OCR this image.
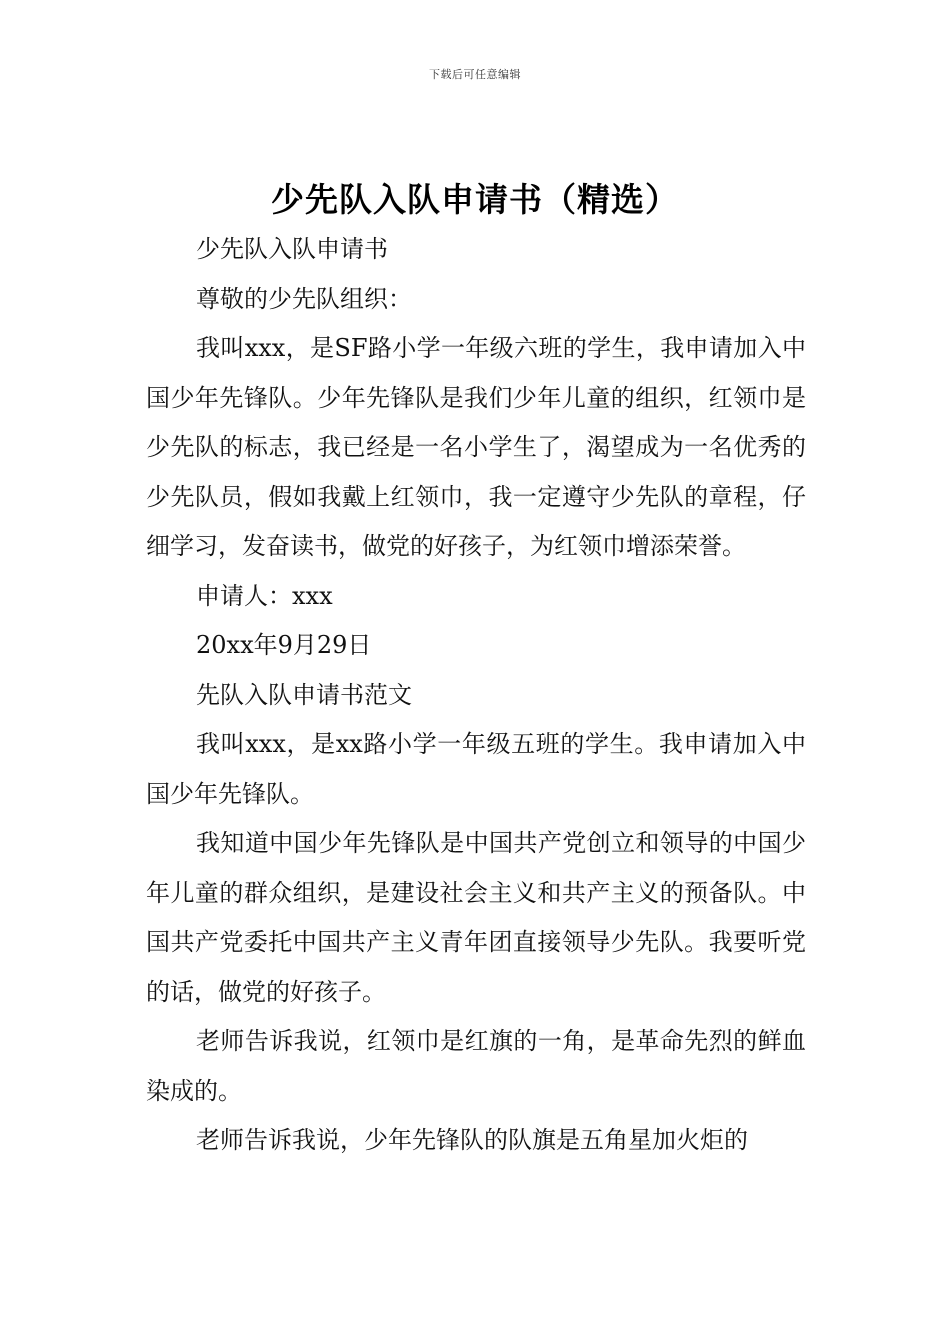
下载后可任意编辑
少先队入队申请书（精选）

少先队入队申请书

尊敬的少先队组织：

我叫xxx，是SF路小学一年级六班的学生，我申请加入中国少年先锋队。少年先锋队是我们少年儿童的组织，红领巾是少先队的标志，我已经是一名小学生了，渴望成为一名优秀的少先队员，假如我戴上红领巾，我一定遵守少先队的章程，仔细学习，发奋读书，做党的好孩子，为红领巾增添荣誉。

申请人：xxx

20xx年9月29日

先队入队申请书范文

我叫xxx，是xx路小学一年级五班的学生。我申请加入中国少年先锋队。

我知道中国少年先锋队是中国共产党创立和领导的中国少年儿童的群众组织，是建设社会主义和共产主义的预备队。中国共产党委托中国共产主义青年团直接领导少先队。我要听党的话，做党的好孩子。

老师告诉我说，红领巾是红旗的一角，是革命先烈的鲜血染成的。

老师告诉我说，少年先锋队的队旗是五角星加火炬的
